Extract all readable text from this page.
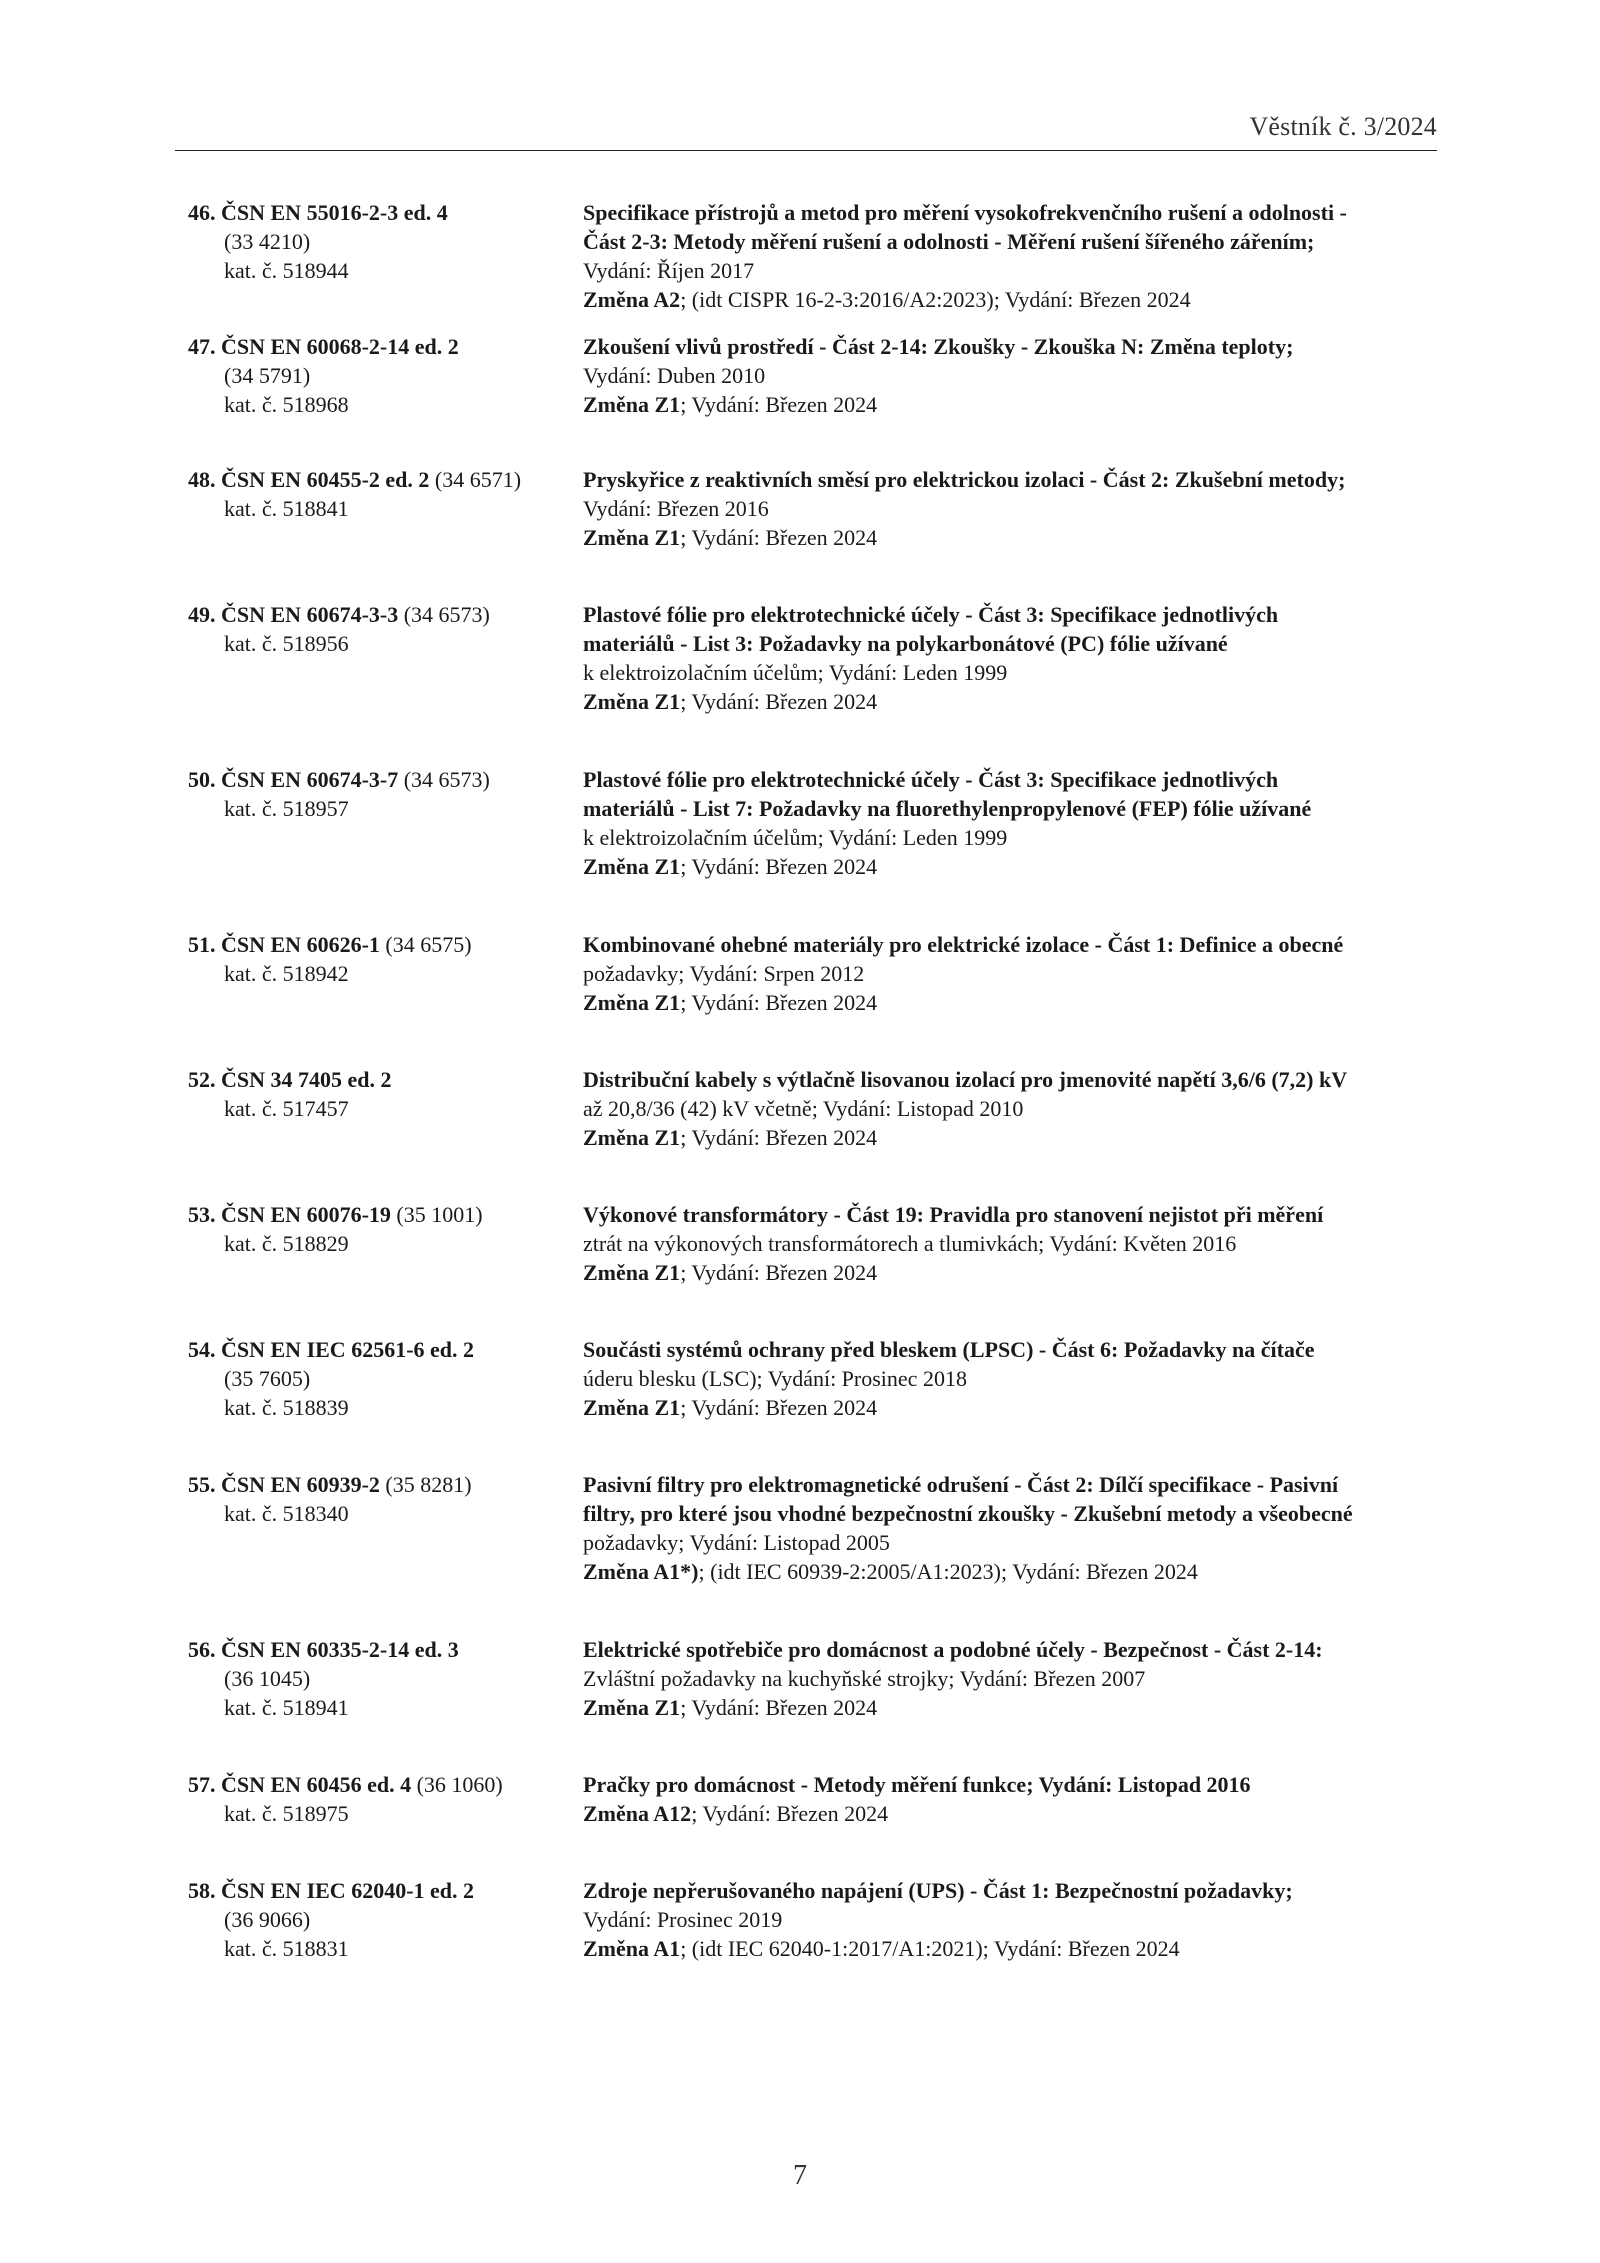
Věstník č. 3/2024
46. ČSN EN 55016-2-3 ed. 4
(33 4210)
kat. č. 518944
Specifikace přístrojů a metod pro měření vysokofrekvenčního rušení a odolnosti -
Část 2-3: Metody měření rušení a odolnosti - Měření rušení šířeného zářením;
Vydání: Říjen 2017
Změna A2; (idt CISPR 16-2-3:2016/A2:2023); Vydání: Březen 2024
47. ČSN EN 60068-2-14 ed. 2
(34 5791)
kat. č. 518968
Zkoušení vlivů prostředí - Část 2-14: Zkoušky - Zkouška N: Změna teploty;
Vydání: Duben 2010
Změna Z1; Vydání: Březen 2024
48. ČSN EN 60455-2 ed. 2 (34 6571)
kat. č. 518841
Pryskyřice z reaktivních směsí pro elektrickou izolaci - Část 2: Zkušební metody;
Vydání: Březen 2016
Změna Z1; Vydání: Březen 2024
49. ČSN EN 60674-3-3 (34 6573)
kat. č. 518956
Plastové fólie pro elektrotechnické účely - Část 3: Specifikace jednotlivých
materiálů - List 3: Požadavky na polykarbonátové (PC) fólie užívané
k elektroizolačním účelům; Vydání: Leden 1999
Změna Z1; Vydání: Březen 2024
50. ČSN EN 60674-3-7 (34 6573)
kat. č. 518957
Plastové fólie pro elektrotechnické účely - Část 3: Specifikace jednotlivých
materiálů - List 7: Požadavky na fluorethylenpropylenové (FEP) fólie užívané
k elektroizolačním účelům; Vydání: Leden 1999
Změna Z1; Vydání: Březen 2024
51. ČSN EN 60626-1 (34 6575)
kat. č. 518942
Kombinované ohebné materiály pro elektrické izolace - Část 1: Definice a obecné
požadavky; Vydání: Srpen 2012
Změna Z1; Vydání: Březen 2024
52. ČSN 34 7405 ed. 2
kat. č. 517457
Distribuční kabely s výtlačně lisovanou izolací pro jmenovité napětí 3,6/6 (7,2) kV
až 20,8/36 (42) kV včetně; Vydání: Listopad 2010
Změna Z1; Vydání: Březen 2024
53. ČSN EN 60076-19 (35 1001)
kat. č. 518829
Výkonové transformátory - Část 19: Pravidla pro stanovení nejistot při měření
ztrát na výkonových transformátorech a tlumivkách; Vydání: Květen 2016
Změna Z1; Vydání: Březen 2024
54. ČSN EN IEC 62561-6 ed. 2
(35 7605)
kat. č. 518839
Součásti systémů ochrany před bleskem (LPSC) - Část 6: Požadavky na čítače
úderu blesku (LSC); Vydání: Prosinec 2018
Změna Z1; Vydání: Březen 2024
55. ČSN EN 60939-2 (35 8281)
kat. č. 518340
Pasivní filtry pro elektromagnetické odrušení - Část 2: Dílčí specifikace - Pasivní
filtry, pro které jsou vhodné bezpečnostní zkoušky - Zkušební metody a všeobecné
požadavky; Vydání: Listopad 2005
Změna A1*); (idt IEC 60939-2:2005/A1:2023); Vydání: Březen 2024
56. ČSN EN 60335-2-14 ed. 3
(36 1045)
kat. č. 518941
Elektrické spotřebiče pro domácnost a podobné účely - Bezpečnost - Část 2-14:
Zvláštní požadavky na kuchyňské strojky; Vydání: Březen 2007
Změna Z1; Vydání: Březen 2024
57. ČSN EN 60456 ed. 4 (36 1060)
kat. č. 518975
Pračky pro domácnost - Metody měření funkce; Vydání: Listopad 2016
Změna A12; Vydání: Březen 2024
58. ČSN EN IEC 62040-1 ed. 2
(36 9066)
kat. č. 518831
Zdroje nepřerušovaného napájení (UPS) - Část 1: Bezpečnostní požadavky;
Vydání: Prosinec 2019
Změna A1; (idt IEC 62040-1:2017/A1:2021); Vydání: Březen 2024
7
